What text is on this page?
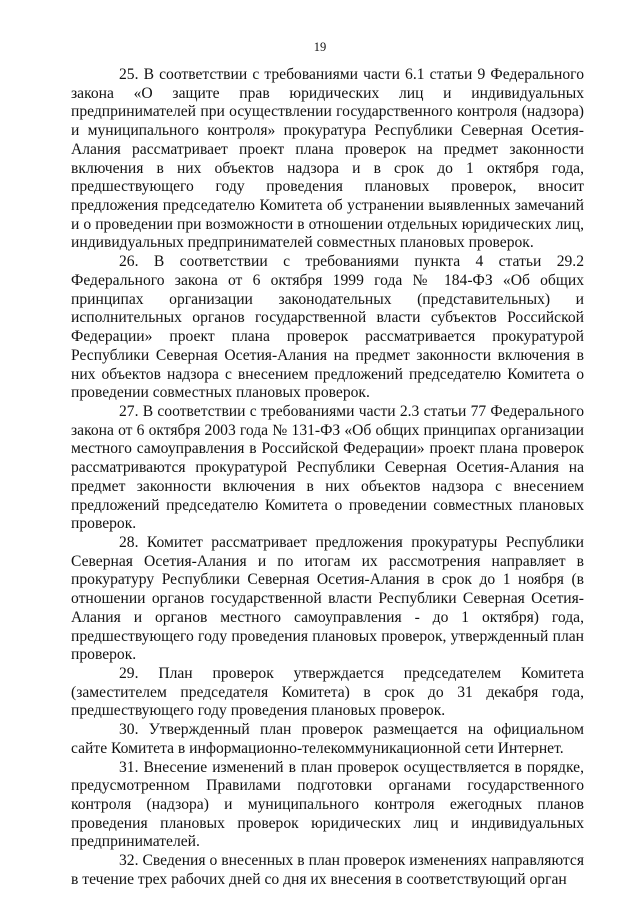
19

25. В соответствии с требованиями части 6.1 статьи 9 Федерального закона «О защите прав юридических лиц и индивидуальных предпринимателей при осуществлении государственного контроля (надзора) и муниципального контроля» прокуратура Республики Северная Осетия-Алания рассматривает проект плана проверок на предмет законности включения в них объектов надзора и в срок до 1 октября года, предшествующего году проведения плановых проверок, вносит предложения председателю Комитета об устранении выявленных замечаний и о проведении при возможности в отношении отдельных юридических лиц, индивидуальных предпринимателей совместных плановых проверок.

26. В соответствии с требованиями пункта 4 статьи 29.2 Федерального закона от 6 октября 1999 года № 184-ФЗ «Об общих принципах организации законодательных (представительных) и исполнительных органов государственной власти субъектов Российской Федерации» проект плана проверок рассматривается прокуратурой Республики Северная Осетия-Алания на предмет законности включения в них объектов надзора с внесением предложений председателю Комитета о проведении совместных плановых проверок.

27. В соответствии с требованиями части 2.3 статьи 77 Федерального закона от 6 октября 2003 года № 131-ФЗ «Об общих принципах организации местного самоуправления в Российской Федерации» проект плана проверок рассматриваются прокуратурой Республики Северная Осетия-Алания на предмет законности включения в них объектов надзора с внесением предложений председателю Комитета о проведении совместных плановых проверок.

28. Комитет рассматривает предложения прокуратуры Республики Северная Осетия-Алания и по итогам их рассмотрения направляет в прокуратуру Республики Северная Осетия-Алания в срок до 1 ноября (в отношении органов государственной власти Республики Северная Осетия-Алания и органов местного самоуправления - до 1 октября) года, предшествующего году проведения плановых проверок, утвержденный план проверок.

29. План проверок утверждается председателем Комитета (заместителем председателя Комитета) в срок до 31 декабря года, предшествующего году проведения плановых проверок.

30. Утвержденный план проверок размещается на официальном сайте Комитета в информационно-телекоммуникационной сети Интернет.

31. Внесение изменений в план проверок осуществляется в порядке, предусмотренном Правилами подготовки органами государственного контроля (надзора) и муниципального контроля ежегодных планов проведения плановых проверок юридических лиц и индивидуальных предпринимателей.

32. Сведения о внесенных в план проверок изменениях направляются в течение трех рабочих дней со дня их внесения в соответствующий орган
